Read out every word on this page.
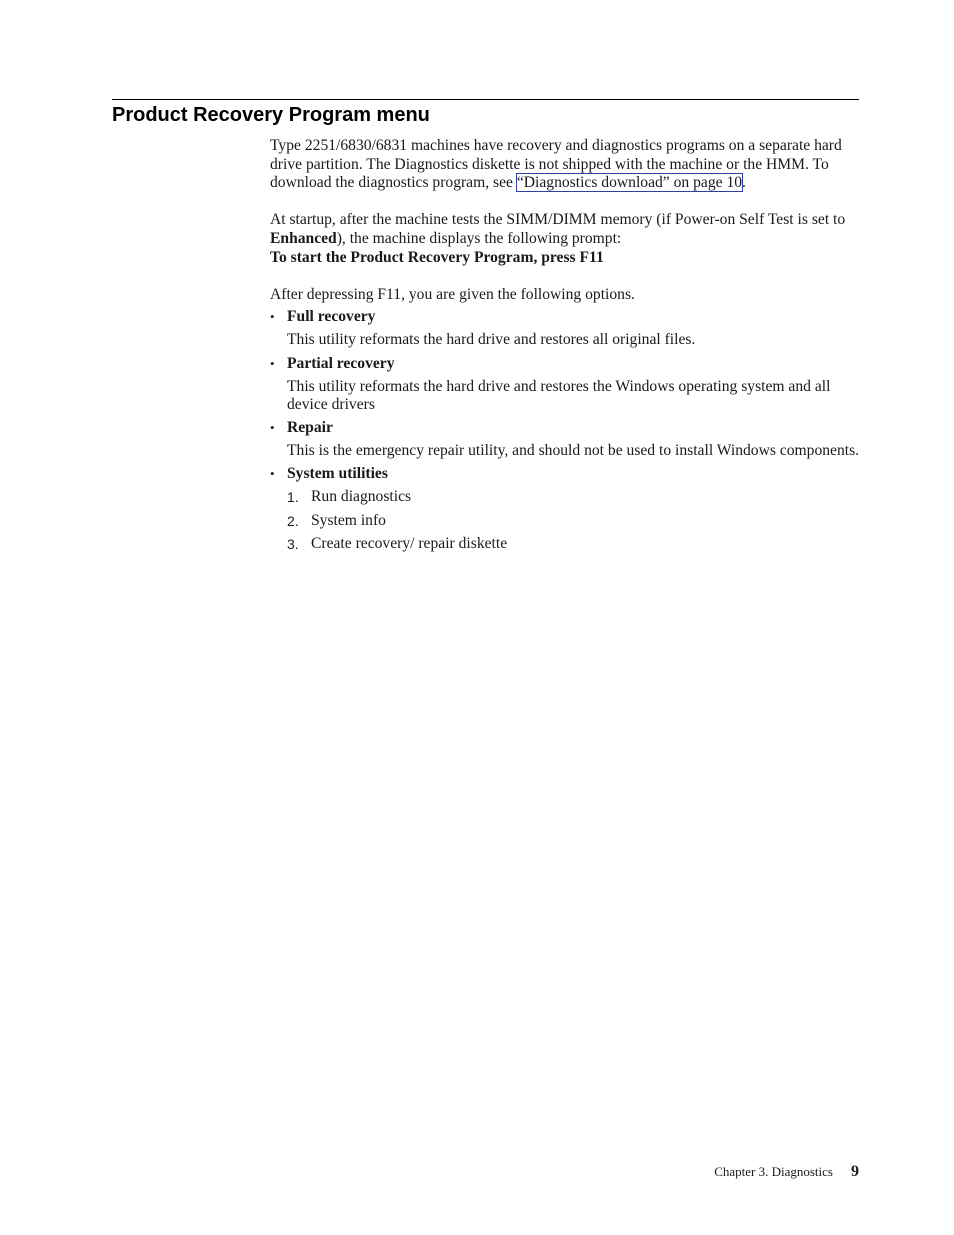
Product Recovery Program menu

Type 2251/6830/6831 machines have recovery and diagnostics programs on a separate hard drive partition. The Diagnostics diskette is not shipped with the machine or the HMM. To download the diagnostics program, see “Diagnostics download” on page 10.

At startup, after the machine tests the SIMM/DIMM memory (if Power-on Self Test is set to Enhanced), the machine displays the following prompt:

To start the Product Recovery Program, press F11

After depressing F11, you are given the following options.

• Full recovery
This utility reformats the hard drive and restores all original files.
• Partial recovery
This utility reformats the hard drive and restores the Windows operating system and all device drivers
• Repair
This is the emergency repair utility, and should not be used to install Windows components.
• System utilities
1. Run diagnostics
2. System info
3. Create recovery/ repair diskette
Chapter 3. Diagnostics 9
